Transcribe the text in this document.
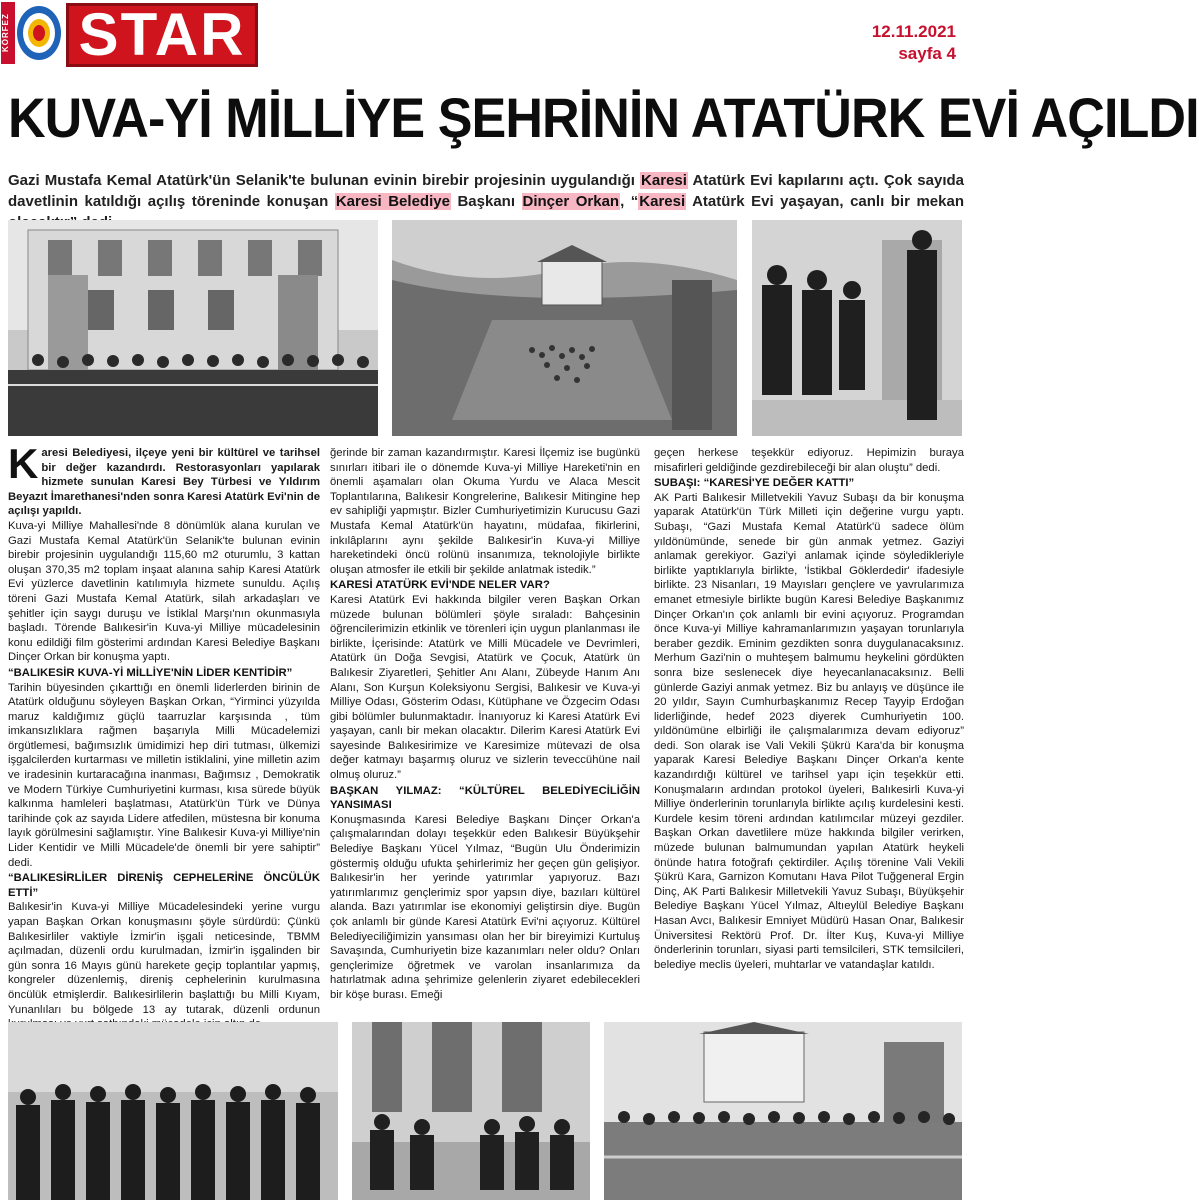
KÖRFEZ STAR	12.11.2021
sayfa 4
KUVA-Yİ MİLLİYE ŞEHRİNİN ATATÜRK EVİ AÇILDI
Gazi Mustafa Kemal Atatürk'ün Selanik'te bulunan evinin birebir projesinin uygulandığı Karesi Atatürk Evi kapılarını açtı. Çok sayıda davetlinin katıldığı açılış töreninde konuşan Karesi Belediye Başkanı Dinçer Orkan, “Karesi Atatürk Evi yaşayan, canlı bir mekan
K aresi Belediyesi, ilçeye yeni bir kültürel ve tarihsel bir değer kazandırdı. Restorasyonları yapılarak hizmete sunulan Karesi Bey Türbesi ve Yıldırım Beyazıt İmarethanesi'nden sonra Karesi Atatürk Evi'nin de açılışı yapıldı.

Kuva-yi Milliye Mahallesi'nde 8 dönümlük alana kurulan ve Gazi Mustafa Kemal Atatürk'ün Selanik'te bulunan evinin birebir projesinin uygulandığı 115,60 m2 oturumlu, 3 kattan oluşan 370,35 m2 toplam inşaat alanına sahip Karesi Atatürk Evi yüzlerce davetlinin katılımıyla hizmete sunuldu. Açılış töreni Gazi Mustafa Kemal Atatürk, silah arkadaşları ve şehitler için saygı duruşu ve İstiklal Marşı'nın okunmasıyla başladı. Törende Balıkesir'in Kuva-yi Milliye mücadelesinin konu edildiği film gösterimi ardından Karesi Belediye Başkanı Dinçer Orkan bir konuşma yaptı.

“BALIKESİR KUVA-Yİ MİLLİYE'NİN LİDER KENTİDİR”

Tarihin büyesinden çıkarttığı en önemli liderlerden birinin de Atatürk olduğunu söyleyen Başkan Orkan, “Yirminci yüzyılda maruz kaldığımız güçlü taarruzlar karşısında , tüm imkansızlıklara rağmen başarıyla Milli Mücadelemizi örgütlemesi, bağımsızlık ümidimizi hep diri tutması, ülkemizi işgalcilerden kurtarması ve milletin istiklalini, yine milletin azim ve iradesinin kurtaracağına inanması, Bağımsız , Demokratik ve Modern Türkiye Cumhuriyetini kurması, kısa sürede büyük kalkınma hamleleri başlatması, Atatürk'ün Türk ve Dünya tarihinde çok az sayıda Lidere atfedilen, müstesna bir konuma layık görülmesini sağlamıştır. Yine Balıkesir Kuva-yi Milliye'nin Lider Kentidir ve Milli Mücadele'de önemli bir yere sahiptir” dedi.

“BALIKESİRLİLER DİRENİŞ CEPHELERİNE ÖNCÜLÜK ETTİ”

Balıkesir'in Kuva-yi Milliye Mücadelesindeki yerine vurgu yapan Başkan Orkan konuşmasını şöyle sürdürdü: Çünkü Balıkesirliler vaktiyle İzmir'in işgali neticesinde, TBMM açılmadan, düzenli ordu kurulmadan, İzmir'in işgalinden bir gün sonra 16 Mayıs günü harekete geçip toplantılar yapmış, kongreler düzenlemiş, direniş cephelerinin kurulmasına öncülük etmişlerdir. Balıkesirlilerin başlattığı bu Milli Kıyam, Yunanlıları bu bölgede 13 ay tutarak, düzenli ordunun

ğerinde bir zaman kazandırmıştır. Karesi İlçemiz ise bugünkü sınırları itibari ile o dönemde Kuva-yi Milliye Hareketi'nin en önemli aşamaları olan Okuma Yurdu ve Alaca Mescit Toplantılarına, Balıkesir Kongrelerine, Balıkesir Mitingine hep ev sahipliği yapmıştır. Bizler Cumhuriyetimizin Kurucusu Gazi Mustafa Kemal Atatürk'ün hayatını, müdafaa, fikirlerini, inkılâplarını aynı şekilde Balıkesir'in Kuva-yi Milliye hareketindeki öncü rolünü insanımıza, teknolojiyle birlikte oluşan atmosfer ile etkili bir şekilde anlatmak istedik.”

KARESİ ATATÜRK EVİ'NDE NELER VAR?

Karesi Atatürk Evi hakkında bilgiler veren Başkan Orkan müzede bulunan bölümleri şöyle sıraladı: Bahçesinin öğrencilerimizin etkinlik ve törenleri için uygun planlanması ile birlikte, İçerisinde: Atatürk ve Milli Mücadele ve Devrimleri, Atatürk ün Doğa Sevgisi, Atatürk ve Çocuk, Atatürk ün Balıkesir Ziyaretleri, Şehitler Anı Alanı, Zübeyde Hanım Anı Alanı, Son Kurşun Koleksiyonu Sergisi, Balıkesir ve Kuva-yi Milliye Odası, Gösterim Odası, Kütüphane ve Özgecim Odası gibi bölümler bulunmaktadır. İnanıyoruz ki Karesi Atatürk Evi yaşayan, canlı bir mekan olacaktır. Dilerim Karesi Atatürk Evi sayesinde Balıkesirimize ve Karesimize mütevazi de olsa değer katmayı başarmış oluruz ve sizlerin teveccühüne nail olmuş oluruz.”

BAŞKAN YILMAZ: “KÜLTÜREL BELEDİYECİLİĞİN YANSIMASI

Konuşmasında Karesi Belediye Başkanı Dinçer Orkan'a çalışmalarından dolayı teşekkür eden Balıkesir Büyükşehir Belediye Başkanı Yücel Yılmaz, “Bugün Ulu Önderimizin göstermiş olduğu ufukta şehirlerimiz her geçen gün gelişiyor. Balıkesir'in her yerinde yatırımlar yapıyoruz. Bazı yatırımlarımız gençlerimiz spor yapsın diye, bazıları kültürel alanda. Bazı yatırımlar ise ekonomiyi geliştirsin diye. Bugün çok anlamlı bir günde Karesi Atatürk Evi'ni açıyoruz. Kültürel Belediyeciliğimizin yansıması olan her bir bireyimizi Kurtuluş Savaşında, Cumhuriyetin bize kazanımları neler oldu? Onları gençlerimize öğretmek ve varolan insanlarımıza da hatırlatmak adına şehrimize gelenlerin ziyaret edebilecekleri bir köşe burası. Emeği

geçen herkese teşekkür ediyoruz. Hepimizin buraya misafirleri geldiğinde gezdirebileceği bir alan oluştu” dedi.

SUBAŞI: “KARESİ'YE DEĞER KATTI”

AK Parti Balıkesir Milletvekili Yavuz Subaşı da bir konuşma yaparak Atatürk'ün Türk Milleti için değerine vurgu yaptı. Subaşı, “Gazi Mustafa Kemal Atatürk'ü sadece ölüm yıldönümünde, senede bir gün anmak yetmez. Gaziyi anlamak gerekiyor. Gazi'yi anlamak içinde söyledikleriyle birlikte yaptıklarıyla birlikte, 'İstikbal Göklerdedir' ifadesiyle birlikte. 23 Nisanları, 19 Mayısları gençlere ve yavrularımıza emanet etmesiyle birlikte bugün Karesi Belediye Başkanımız Dinçer Orkan'ın çok anlamlı bir evini açıyoruz. Programdan önce Kuva-yi Milliye kahramanlarımızın yaşayan torunlarıyla beraber gezdik. Eminim gezdikten sonra duygulanacaksınız. Merhum Gazi'nin o muhteşem balmumu heykelini gördükten sonra bize seslenecek diye heyecanlanacaksınız. Belli günlerde Gaziyi anmak yetmez. Biz bu anlayış ve düşünce ile 20 yıldır, Sayın Cumhurbaşkanımız Recep Tayyip Erdoğan liderliğinde, hedef 2023 diyerek Cumhuriyetin 100. yıldönümüne elbirliği ile çalışmalarımıza devam ediyoruz” dedi. Son olarak ise Vali Vekili Şükrü Kara'da bir konuşma yaparak Karesi Belediye Başkanı Dinçer Orkan'a kente kazandırdığı kültürel ve tarihsel yapı için teşekkür etti. Konuşmaların ardından protokol üyeleri, Balıkesirli Kuva-yi Milliye önderlerinin torunlarıyla birlikte açılış kurdelesini kesti. Kurdele kesim töreni ardından katılımcılar müzeyi gezdiler. Başkan Orkan davetlilere müze hakkında bilgiler verirken, müzede bulunan balmumundan yapılan Atatürk heykeli önünde hatıra fotoğrafı çektirdiler. Açılış törenine Vali Vekili Şükrü Kara, Garnizon Komutanı Hava Pilot Tuğgeneral Ergin Dinç, AK Parti Balıkesir Milletvekili Yavuz Subaşı, Büyükşehir Belediye Başkanı Yücel Yılmaz, Altıeylül Belediye Başkanı Hasan Avcı, Balıkesir Emniyet Müdürü Hasan Onar, Balıkesir Üniversitesi Rektörü Prof. Dr. İlter Kuş, Kuva-yi Milliye önderlerinin torunları, siyasi parti temsilcileri, STK temsilcileri, belediye meclis üyeleri, muhtarlar ve vatandaşlar katıldı.
